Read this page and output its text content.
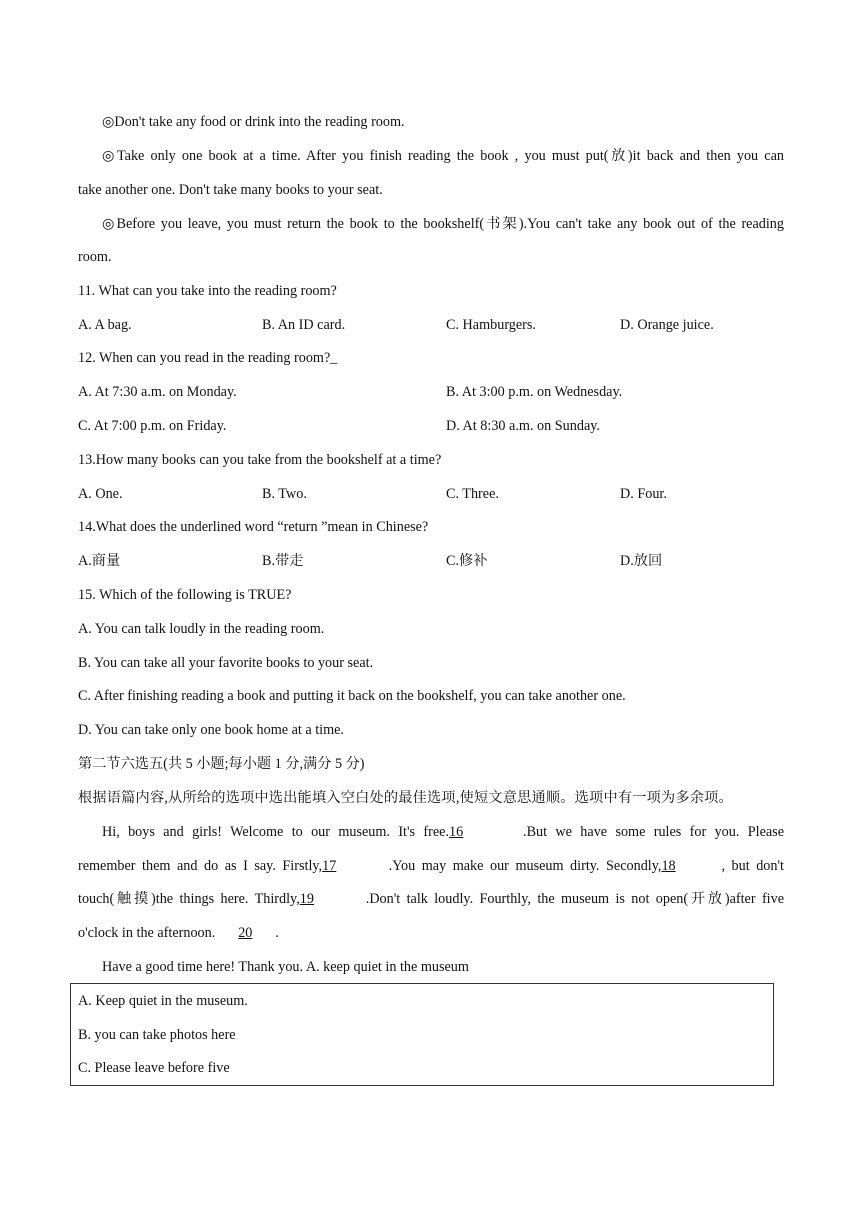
◎Don't take any food or drink into the reading room.
◎Take only one book at a time. After you finish reading the book , you must put(放)it back and then you can
take another one. Don't take many books to your seat.
◎Before you leave, you must return the book to the bookshelf(书架).You can't take any book out of the reading
room.
11. What can you take into the reading room?
A. A bag.	B. An ID card.	C. Hamburgers.	D. Orange juice.
12. When can you read in the reading room?_
A. At 7:30 a.m. on Monday.	B. At 3:00 p.m. on Wednesday.
C. At 7:00 p.m. on Friday.	D. At 8:30 a.m. on Sunday.
13.How many books can you take from the bookshelf at a time?
A. One.	B. Two.	C. Three.	D. Four.
14.What does the underlined word “return ”mean in Chinese?
A.商量	B.带走	C.修补	D.放回
15. Which of the following is TRUE?
A. You can talk loudly in the reading room.
B. You can take all your favorite books to your seat.
C. After finishing reading a book and putting it back on the bookshelf, you can take another one.
D. You can take only one book home at a time.
第二节六选五(共 5 小题;每小题 1 分,满分 5 分)
根据语篇内容,从所给的选项中选出能填入空白处的最佳选项,使短文意思通顺。选项中有一项为多余项。
Hi, boys and girls! Welcome to our museum. It's free.16	.But we have some rules for you. Please
remember them and do as I say. Firstly,17	.You may make our museum dirty. Secondly,18	, but don't
touch(触摸)the things here. Thirdly,19	.Don't talk loudly. Fourthly, the museum is not open(开放)after five
o'clock in the afternoon. 20 .
Have a good time here! Thank you. A. keep quiet in the museum
A. Keep quiet in the museum.
B. you can take photos here
C. Please leave before five
